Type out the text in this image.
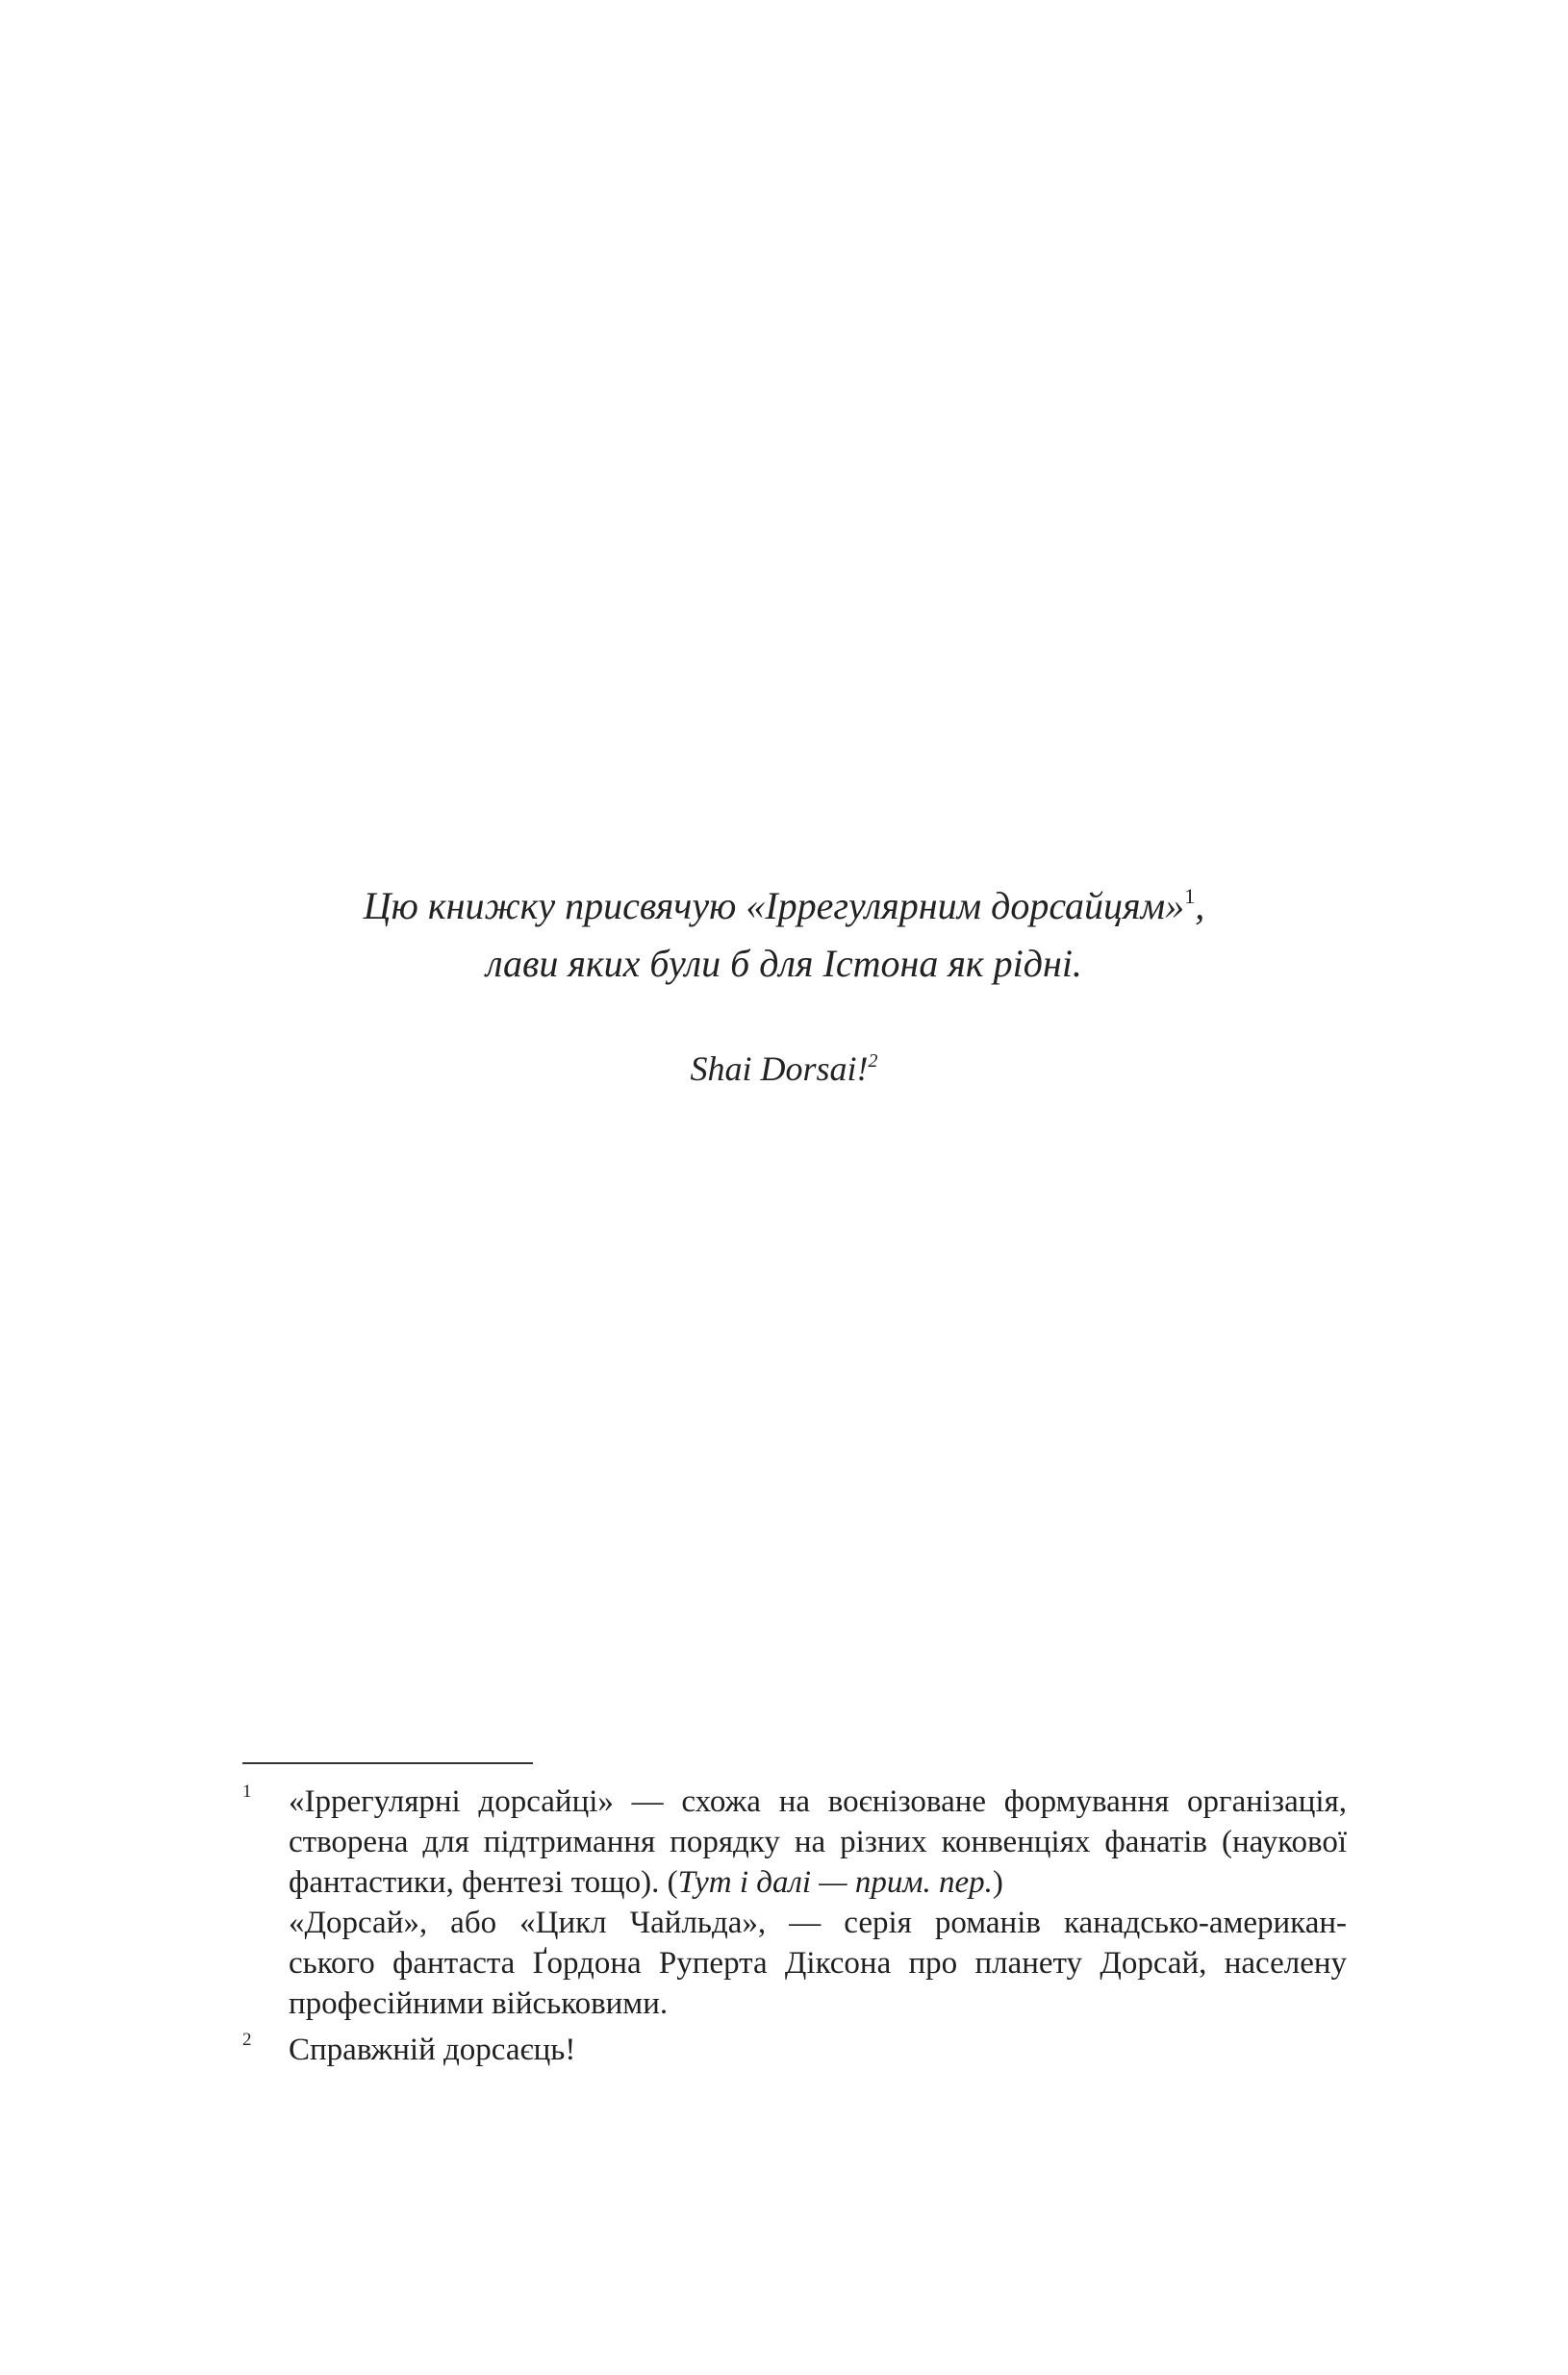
Цю книжку присвячую «Іррегулярним дорсайцям»$^1$,
лави яких були б для Істона як рідні.
Shai Dorsai!$^2$
1 «Іррегулярні дорсайці» — схожа на воєнізоване формування організація,
створена для підтримання порядку на різних конвенціях фанатів (наукової
фантастики, фентезі тощо). (Тут і далі — прим. пер.)
«Дорсай», або «Цикл Чайльда», — серія романів канадсько-американ-
ського фантаста Ґордона Руперта Діксона про планету Дорсай, населену
професійними військовими.
2 Справжній дорсаєць!
